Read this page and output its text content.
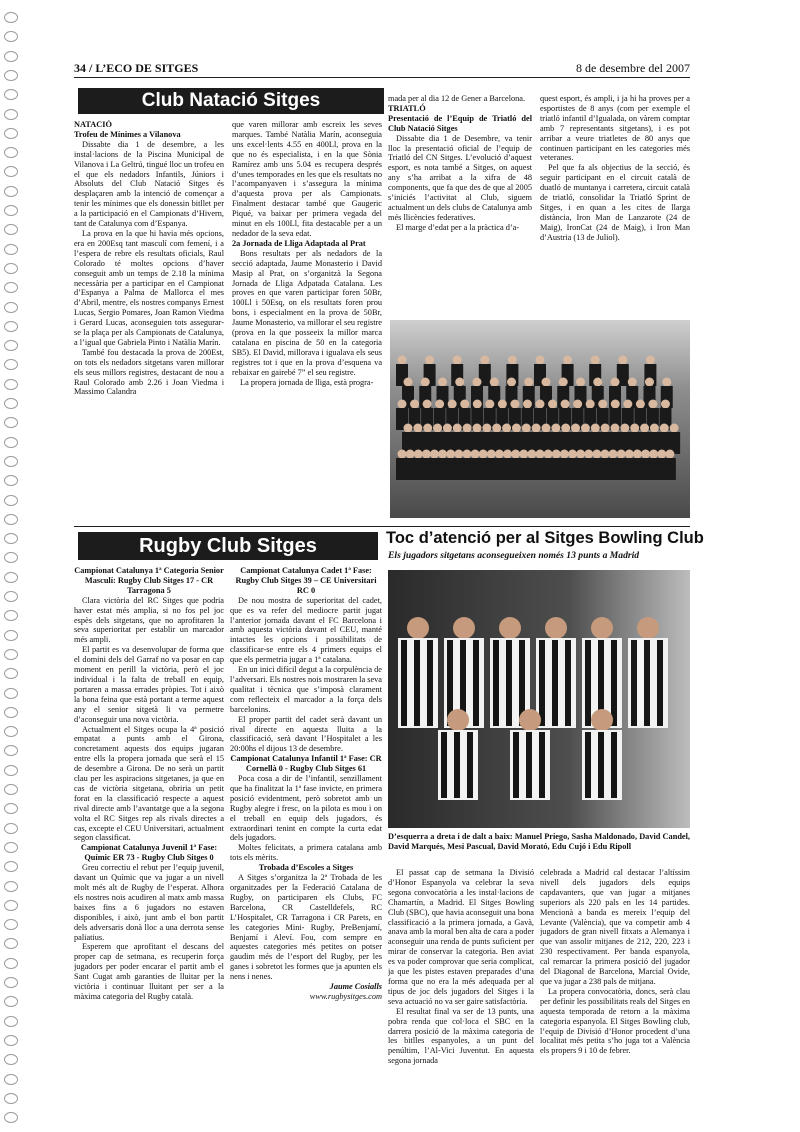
34 / L’ECO DE SITGES	8 de desembre del 2007
Club Natació Sitges

NATACIÓ

Trofeu de Mínimes a Vilanova

Dissabte dia 1 de desembre, a les instal·lacions de la Piscina Municipal de Vilanova i La Geltrú, tingué lloc un trofeu en el que els nedadors Infantils, Júniors i Absoluts del Club Natació Sitges és desplaçaren amb la intenció de començar a tenir les mínimes que els donessin bitllet per a la participació en el Campionats d’Hivern, tant de Catalunya com d’Espanya.

La prova en la que hi havia més opcions, era en 200Esq tant masculí com femení, i a l’espera de rebre els resultats oficials, Raul Colorado té moltes opcions d’haver conseguit amb un temps de 2.18 la mínima necessària per a participar en el Campionat d’Espanya a Palma de Mallorca el mes d’Abril, mentre, els nostres companys Ernest Lucas, Sergio Pomares, Joan Ramon Viedma i Gerard Lucas, aconseguien tots assegurar-se la plaça per als Campionats de Catalunya, a l’igual que Gabriela Pinto i Natàlia Marín.

També fou destacada la prova de 200Est, on tots els nedadors sitgetans varen millorar els seus millors registres, destacant de nou a Raul Colorado amb 2.26 i Joan Viedma i Massimo Calandra

que varen millorar amb escreix les seves marques. També Natàlia Marín, aconseguia uns excel·lents 4.55 en 400Ll, prova en la que no és especialista, i en la que Sònia Ramírez amb uns 5.04 es recupera després d’unes temporades en les que els resultats no l’acompanyaven i s’assegura la mínima d’aquesta prova per als Campionats. Finalment destacar també que Gaugeric Piqué, va baixar per primera vegada del minut en els 100Ll, fita destacable per a un nedador de la seva edat.

2a Jornada de Lliga Adaptada al Prat

Bons resultats per als nedadors de la secció adaptada, Jaume Monasterio i David Masip al Prat, on s’organitzà la Segona Jornada de Lliga Adpatada Catalana. Les proves en que varen participar foren 50Br, 100Ll i 50Esq, on els resultats foren prou bons, i especialment en la prova de 50Br, Jaume Monasterio, va millorar el seu registre (prova en la que posseeix la millor marca catalana en piscina de 50 en la categoria SB5). El David, millorava i igualava els seus registres tot i que en la prova d’esquena va rebaixar en gairebé 7” el seu registre.

La propera jornada de lliga, està progra-

mada per al dia 12 de Gener a Barcelona.

TRIATLÓ

Presentació de l’Equip de Triatló del Club Natació Sitges

Dissabte dia 1 de Desembre, va tenir lloc la presentació oficial de l’equip de Triatló del CN Sitges. L’evolució d’aquest esport, es nota també a Sitges, on aquest any s’ha arribat a la xifra de 48 components, que fa que des de que al 2005 s’iniciés l’activitat al Club, siguem actualment un dels clubs de Catalunya amb més llicències federatives.

El marge d’edat per a la pràctica d’a-

quest esport, és ampli, i ja hi ha proves per a esportistes de 8 anys (com per exemple el triatló infantil d’Igualada, on vàrem comptar amb 7 representants sitgetans), i es pot arribar a veure triatletes de 80 anys que continuen participant en les categories més veteranes.

Pel que fa als objectius de la secció, és seguir participant en el circuit català de duatló de muntanya i carretera, circuit català de triatló, consolidar la Triatló Sprint de Sitges, i en quan a les cites de llarga distància, Iron Man de Lanzarote (24 de Maig), IronCat (24 de Maig), i Iron Man d’Austria (13 de Juliol).

Rugby Club Sitges

Campionat Catalunya 1ª Categoria Senior Masculí: Rugby Club Sitges 17 - CR Tarragona 5

Clara victòria del RC Sitges que podria haver estat més amplia, si no fos pel joc espès dels sitgetans, que no aprofitaren la seva superioritat per establir un marcador més ampli.

El partit es va desenvolupar de forma que el domini dels del Garraf no va posar en cap moment en perill la victòria, però el joc individual i la falta de treball en equip, portaren a massa errades pròpies. Tot i això la bona feina que està portant a terme aquest any el senior sitgetà li va permetre d’aconseguir una nova victòria.

Actualment el Sitges ocupa la 4ª posició empatat a punts amb el Girona, concretament aquests dos equips jugaran entre ells la propera jornada que serà el 15 de desembre a Girona. De no serà un partit clau per les aspiracions sitgetanes, ja que en cas de victòria sitgetana, obriria un petit forat en la classificació respecte a aquest rival directe amb l’avantatge que a la segona volta el RC Sitges rep als rivals directes a cas, excepte el CEU Universitari, actualment segon classificat.

Campionat Catalunya Juvenil 1ª Fase: Químic ER 73 - Rugby Club Sitges 0

Greu correctiu el rebut per l’equip juvenil, davant un Químic que va jugar a un nivell molt més alt de Rugby de l’esperat. Alhora els nostres nois acudiren al matx amb massa baixes fins a 6 jugadors no estaven disponibles, i això, junt amb el bon partit dels adversaris donà lloc a una derrota sense paliatius.

Esperem que aprofitant el descans del proper cap de setmana, es recuperin força jugadors per poder encarar el partit amb el Sant Cugat amb garanties de lluitar per la victòria i continuar lluitant per ser a la màxima categoria del Rugby català.

Campionat Catalunya Cadet 1ª Fase: Rugby Club Sitges 39 – CE Universitari RC 0

De nou mostra de superioritat del cadet, que es va refer del mediocre partit jugat l’anterior jornada davant el FC Barcelona i amb aquesta victòria davant el CEU, manté intactes les opcions i possibilitats de classificar-se entre els 4 primers equips el que els permetria jugar a 1ª catalana.

En un inici difícil degut a la corpulència de l’adversari. Els nostres nois mostraren la seva qualitat i tècnica que s’imposà clarament com reflecteix el marcador a la força dels barcelonins.

El proper partit del cadet serà davant un rival directe en aquesta lluita a la classificació, serà davant l’Hospitalet a les 20:00hs el dijous 13 de desembre.

Campionat Catalunya Infantil 1ª Fase: CR Cornellà 0 - Rugby Club Sitges 61

Poca cosa a dir de l’infantil, senzillament que ha finalitzat la 1ª fase invicte, en primera posició evidentment, però sobretot amb un Rugby alegre i fresc, on la pilota es mou i on el treball en equip dels jugadors, és extraordinari tenint en compte la curta edat dels jugadors.

Moltes felicitats, a primera catalana amb tots els mèrits.

Trobada d’Escoles a Sitges

A Sitges s’organitza la 2ª Trobada de les organitzades per la Federació Catalana de Rugby, on participaren els Clubs, FC Barcelona, CR Castelldefels, RC L’Hospitalet, CR Tarragona i CR Parets, en les categories Mini- Rugby, PreBenjamí, Benjamí i Aleví. Fou, com sempre en aquestes categories més petites on potser gaudim més de l’esport del Rugby, per les ganes i sobretot les formes que ja apunten els nens i nenes.

Jaume Cosialls

www.rugbysitges.com

Toc d’atenció per al Sitges Bowling Club
Els jugadors sitgetans aconsegueixen només 13 punts a Madrid
D’esquerra a dreta i de dalt a baix: Manuel Priego, Sasha Maldonado, David Candel, David Marqués, Mesi Pascual, David Morató, Edu Cujó i Edu Ripoll

El passat cap de setmana la Divisió d’Honor Espanyola va celebrar la seva segona convocatòria a les instal·lacions de Chamartín, a Madrid. El Sitges Bowling Club (SBC), que havia aconseguit una bona classificació a la primera jornada, a Gavà, anava amb la moral ben alta de cara a poder aconseguir una renda de punts suficient per mirar de conservar la categoria. Ben aviat es va poder comprovar que seria complicat, ja que les pistes estaven preparades d’una forma que no era la més adequada per al tipus de joc dels jugadors del Sitges i la seva actuació no va ser gaire satisfactòria.

El resultat final va ser de 13 punts, una pobra renda que col·loca el SBC en la darrera posició de la màxima categoria de les bitlles espanyoles, a un punt del penúltim, l’Al-Vici Juventut. En aquesta segona jornada

celebrada a Madrid cal destacar l’altíssim nivell dels jugadors dels equips capdavanters, que van jugar a mitjanes superiors als 220 pals en les 14 partides. Mencionà a banda es mereix l’equip del Levante (València), que va competir amb 4 jugadors de gran nivell fitxats a Alemanya i que van assolir mitjanes de 212, 220, 223 i 230 respectivament. Per banda espanyola, cal remarcar la primera posició del jugador del Diagonal de Barcelona, Marcial Ovide, que va jugar a 238 pals de mitjana.

La propera convocatòria, doncs, serà clau per definir les possibilitats reals del Sitges en aquesta temporada de retorn a la màxima categoria espanyola. El Sitges Bowling club, l’equip de Divisió d’Honor procedent d’una localitat més petita s’ho juga tot a València els propers 9 i 10 de febrer.
